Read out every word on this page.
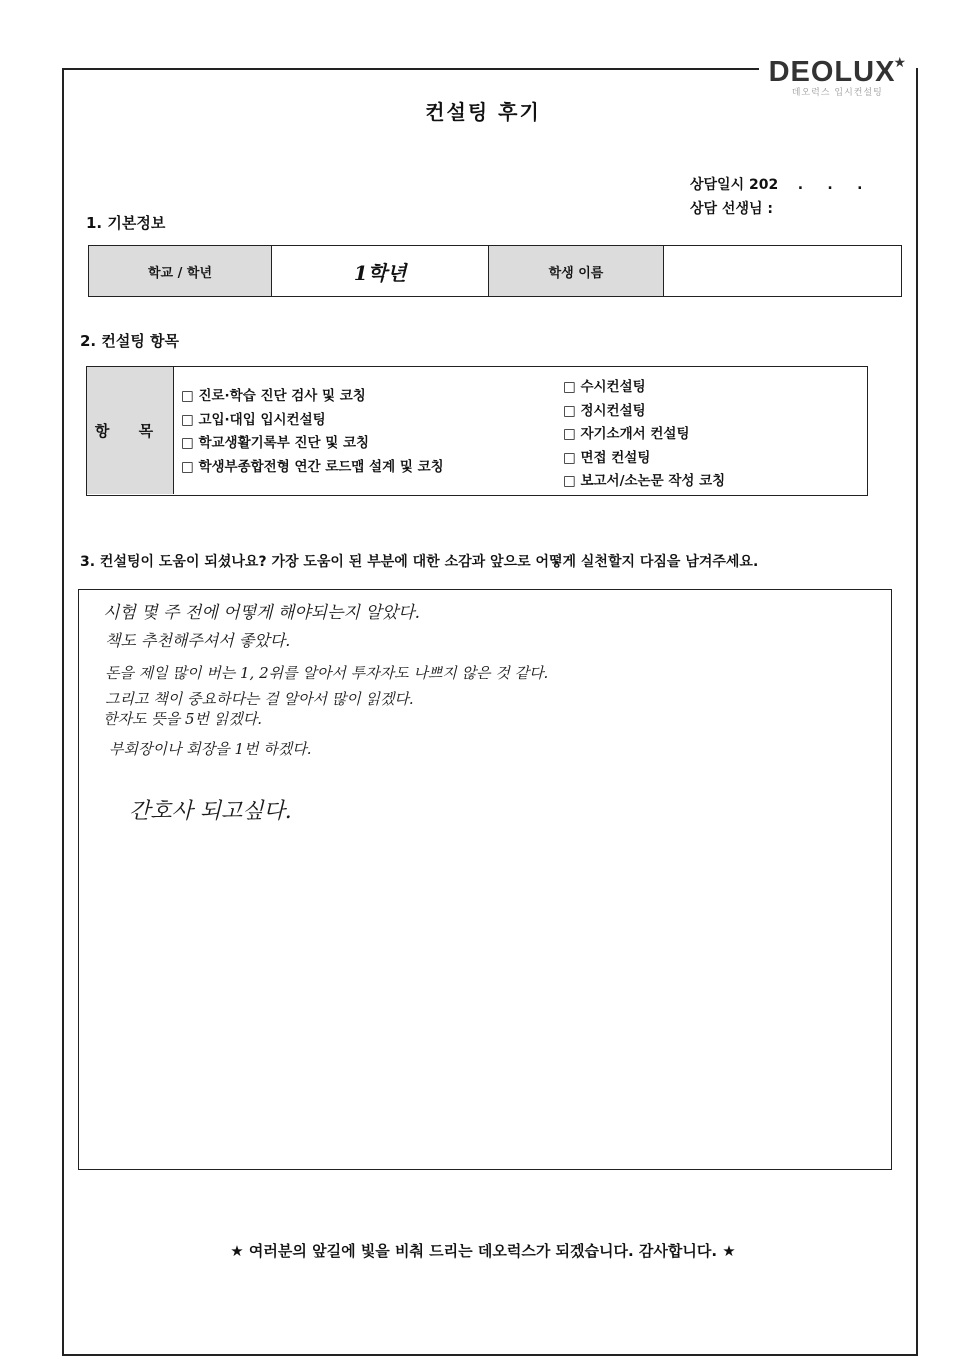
DEOLUX★
데오럭스 입시컨설팅
컨설팅 후기
상담일시 202    .     .     .
상담 선생님 :
1. 기본정보
학교 / 학년	1학년	학생 이름	
2. 컨설팅 항목
항 목
□ 진로·학습 진단 검사 및 코칭
□ 고입·대입 입시컨설팅
□ 학교생활기록부 진단 및 코칭
□ 학생부종합전형 연간 로드맵 설계 및 코칭
□ 수시컨설팅
□ 정시컨설팅
□ 자기소개서 컨설팅
□ 면접 컨설팅
□ 보고서/소논문 작성 코칭
3. 컨설팅이 도움이 되셨나요? 가장 도움이 된 부분에 대한 소감과 앞으로 어떻게 실천할지 다짐을 남겨주세요.
시험 몇 주 전에 어떻게 해야되는지 알았다.
책도 추천해주셔서 좋았다.
돈을 제일 많이 버는 1, 2위를 알아서 투자자도 나쁘지 않은 것 같다.
그리고 책이 중요하다는 걸 알아서 많이 읽겠다.
한자도 뜻을 5번 읽겠다.
부회장이나 회장을 1번 하겠다.
간호사 되고싶다.
★ 여러분의 앞길에 빛을 비춰 드리는 데오럭스가 되겠습니다. 감사합니다. ★
